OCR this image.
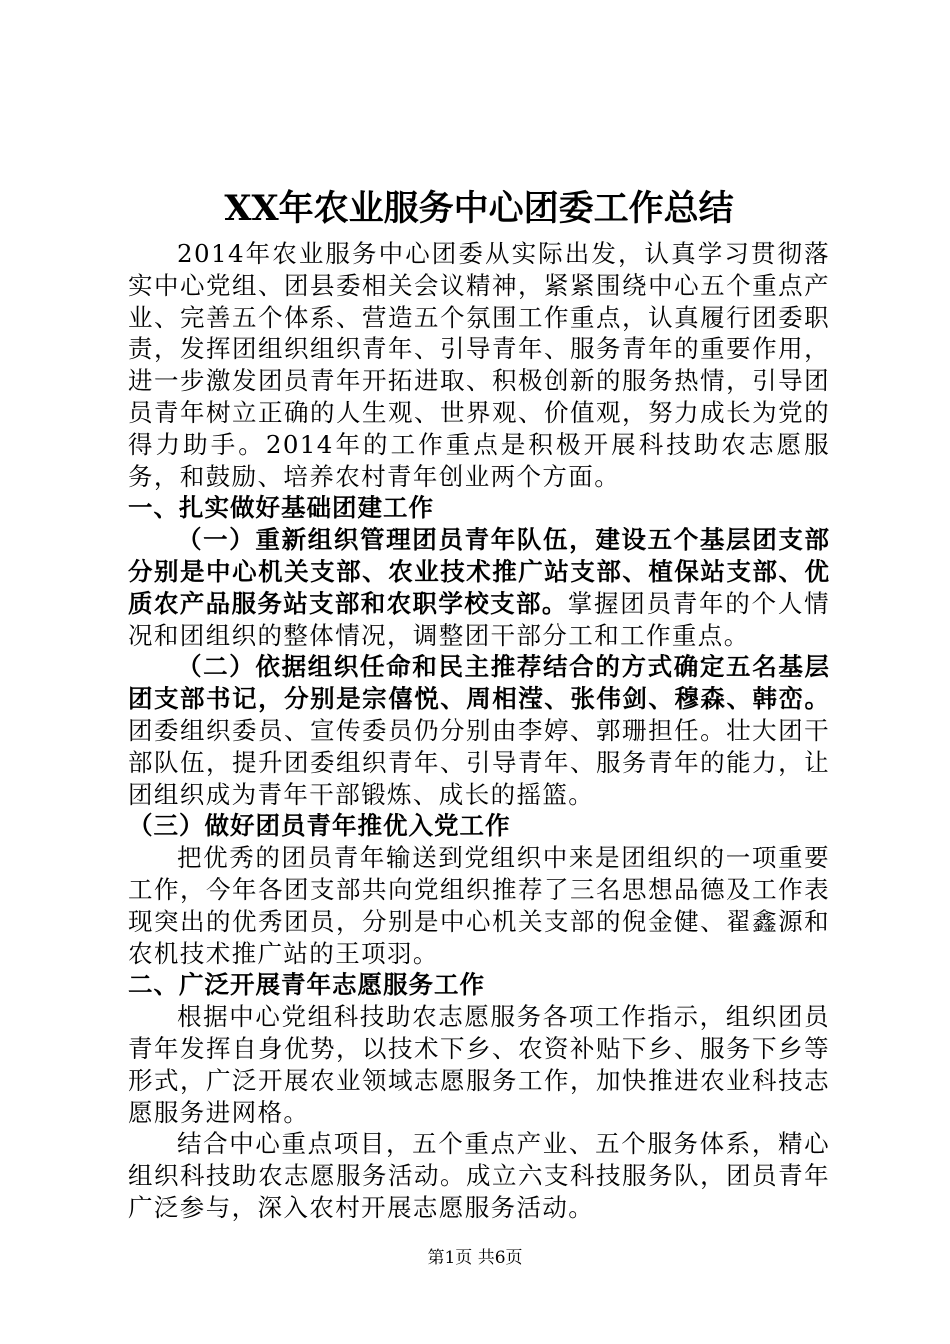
XX年农业服务中心团委工作总结

2014年农业服务中心团委从实际出发，认真学习贯彻落实中心党组、团县委相关会议精神，紧紧围绕中心五个重点产业、完善五个体系、营造五个氛围工作重点，认真履行团委职责，发挥团组织组织青年、引导青年、服务青年的重要作用，进一步激发团员青年开拓进取、积极创新的服务热情，引导团员青年树立正确的人生观、世界观、价值观，努力成长为党的得力助手。2014年的工作重点是积极开展科技助农志愿服务，和鼓励、培养农村青年创业两个方面。

一、扎实做好基础团建工作

（一）重新组织管理团员青年队伍，建设五个基层团支部分别是中心机关支部、农业技术推广站支部、植保站支部、优质农产品服务站支部和农职学校支部。掌握团员青年的个人情况和团组织的整体情况，调整团干部分工和工作重点。

（二）依据组织任命和民主推荐结合的方式确定五名基层团支部书记，分别是宗僖悦、周相滢、张伟剑、穆森、韩峦。团委组织委员、宣传委员仍分别由李婷、郭珊担任。壮大团干部队伍，提升团委组织青年、引导青年、服务青年的能力，让团组织成为青年干部锻炼、成长的摇篮。

（三）做好团员青年推优入党工作

把优秀的团员青年输送到党组织中来是团组织的一项重要工作，今年各团支部共向党组织推荐了三名思想品德及工作表现突出的优秀团员，分别是中心机关支部的倪金健、翟鑫源和农机技术推广站的王项羽。

二、广泛开展青年志愿服务工作

根据中心党组科技助农志愿服务各项工作指示，组织团员青年发挥自身优势，以技术下乡、农资补贴下乡、服务下乡等形式，广泛开展农业领域志愿服务工作，加快推进农业科技志愿服务进网格。

结合中心重点项目，五个重点产业、五个服务体系，精心组织科技助农志愿服务活动。成立六支科技服务队，团员青年广泛参与，深入农村开展志愿服务活动。

第1页 共6页
